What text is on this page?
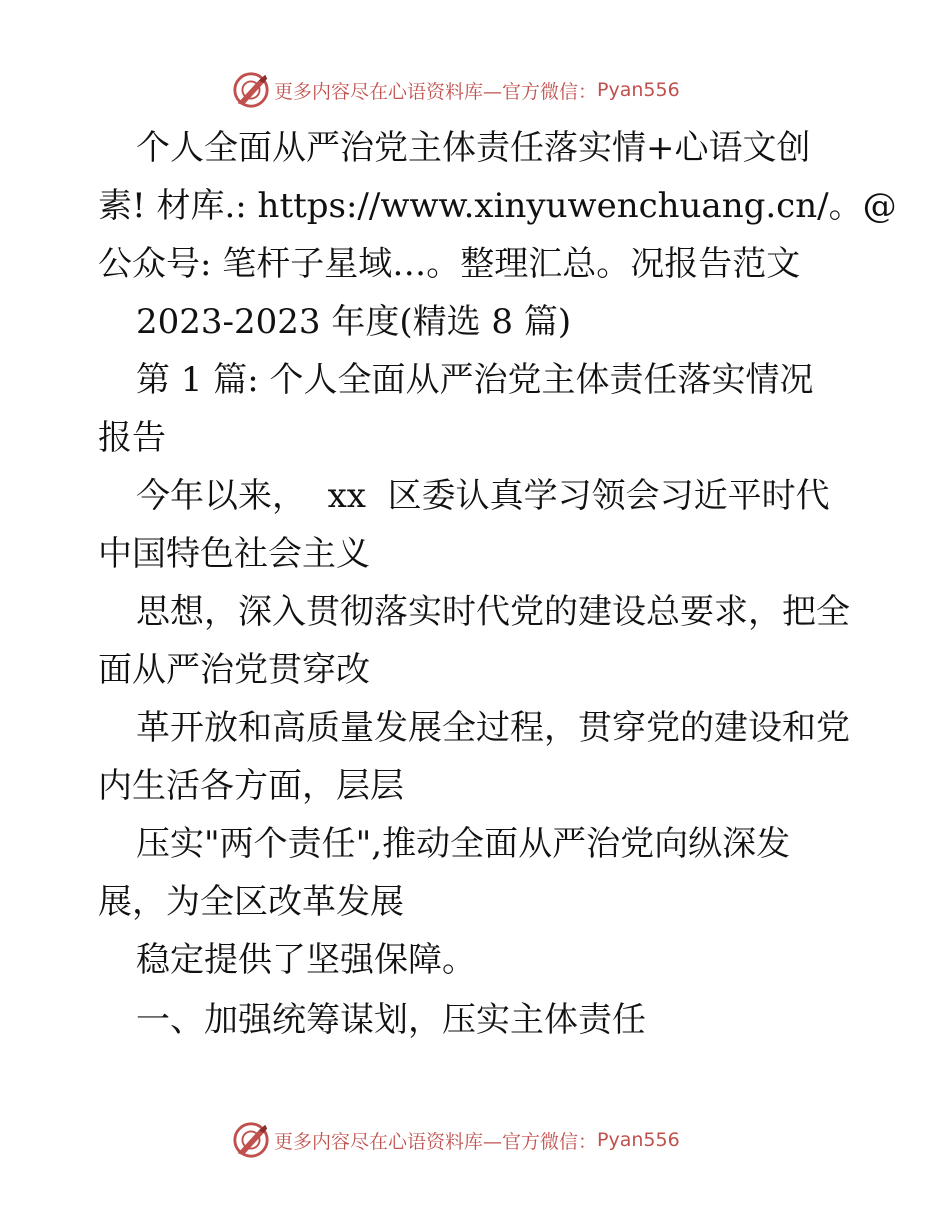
更多内容尽在心语资料库—官方微信： Pyan556
个人全面从严治党主体责任落实情+心语文创
素! 材库.: https://www.xinyuwenchuang.cn/。@
公众号: 笔杆子星域…。整理汇总。况报告范文
2023-2023 年度(精选 8 篇)
第 1 篇: 个人全面从严治党主体责任落实情况
报告
今年以来，  xx  区委认真学习领会习近平时代
中国特色社会主义
思想，深入贯彻落实时代党的建设总要求，把全
面从严治党贯穿改
革开放和高质量发展全过程，贯穿党的建设和党
内生活各方面，层层
压实"两个责任",推动全面从严治党向纵深发
展，为全区改革发展
稳定提供了坚强保障。
一、加强统筹谋划，压实主体责任
更多内容尽在心语资料库—官方微信： Pyan556
